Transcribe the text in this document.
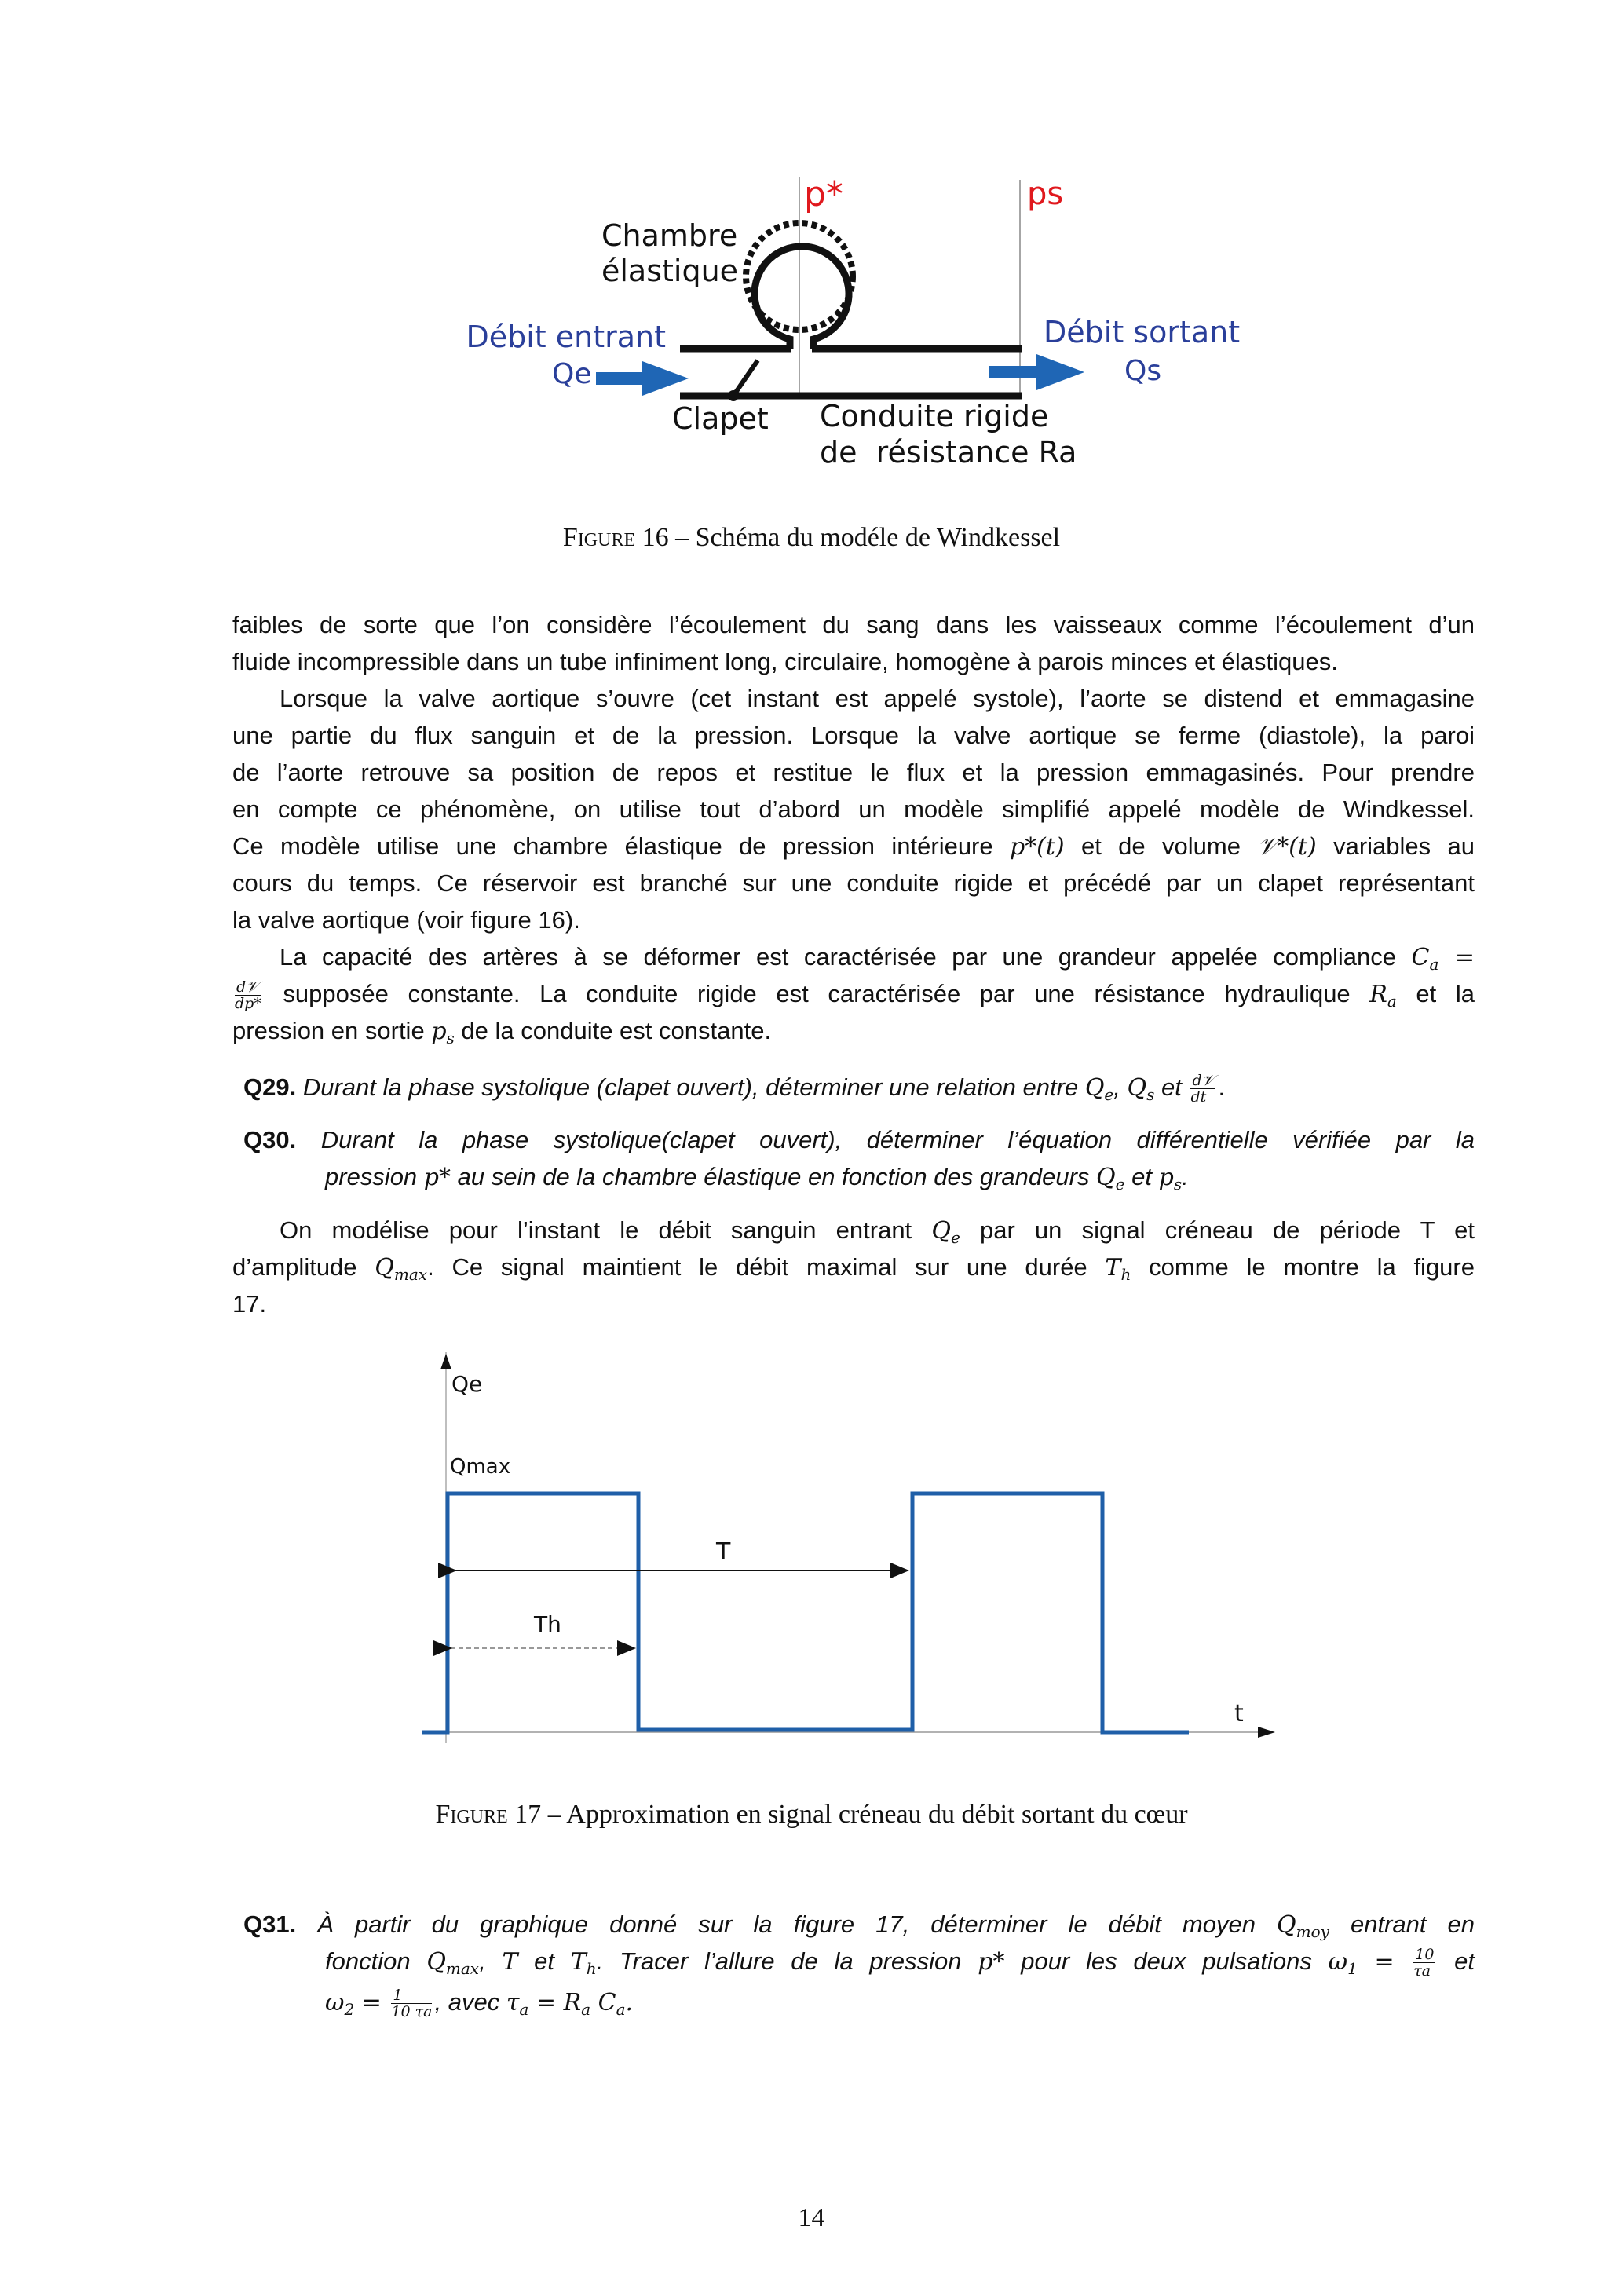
p*	ps
Chambre
élastique
Débit entrant
Qe
Débit sortant
Qs
Clapet Conduite rigide
de  résistance Ra
Figure 16 – Schéma du modéle de Windkessel
faibles de sorte que l’on considère l’écoulement du sang dans les vaisseaux comme l’écoulement d’un
fluide incompressible dans un tube infiniment long, circulaire, homogène à parois minces et élastiques.
Lorsque la valve aortique s’ouvre (cet instant est appelé systole), l’aorte se distend et emmagasine
une partie du flux sanguin et de la pression. Lorsque la valve aortique se ferme (diastole), la paroi
de l’aorte retrouve sa position de repos et restitue le flux et la pression emmagasinés. Pour prendre
en compte ce phénomène, on utilise tout d’abord un modèle simplifié appelé modèle de Windkessel.
Ce modèle utilise une chambre élastique de pression intérieure p*(t) et de volume 𝒱*(t) variables au
cours du temps. Ce réservoir est branché sur une conduite rigide et précédé par un clapet représentant
la valve aortique (voir figure 16).
La capacité des artères à se déformer est caractérisée par une grandeur appelée compliance $C_a$ =
$\frac{\text{d𝒱}}{dp*}$ supposée constante. La conduite rigide est caractérisée par une résistance hydraulique $R_a$ et la
pression en sortie $p_s$ de la conduite est constante.
Q29. Durant la phase systolique (clapet ouvert), déterminer une relation entre $Q_e$, $Q_s$ et $\frac{\text{d𝒱}}{dt}$ .
Q30. Durant la phase systolique(clapet ouvert), déterminer l’équation différentielle vérifiée par la
pression p* au sein de la chambre élastique en fonction des grandeurs $Q_e$ et $p_s$.
On modélise pour l’instant le débit sanguin entrant $Q_e$ par un signal créneau de période T et
d’amplitude $Q_{max}$. Ce signal maintient le débit maximal sur une durée $T_h$ comme le montre la figure
17.
Q31. À partir du graphique donné sur la figure 17, déterminer le débit moyen $Q_{moy}$ entrant en
fonction $Q_{max}$, T et $T_h$. Tracer l’allure de la pression p* pour les deux pulsations $\omega_1 = \frac{10}{\tau a}$ et
$\omega_2 = \frac{1}{10 \tau a}$ , avec $\tau_a = R_a$ $C_a$.
Qe
Qmax
T
Th
t
Figure 17 – Approximation en signal créneau du débit sortant du cœur
14
